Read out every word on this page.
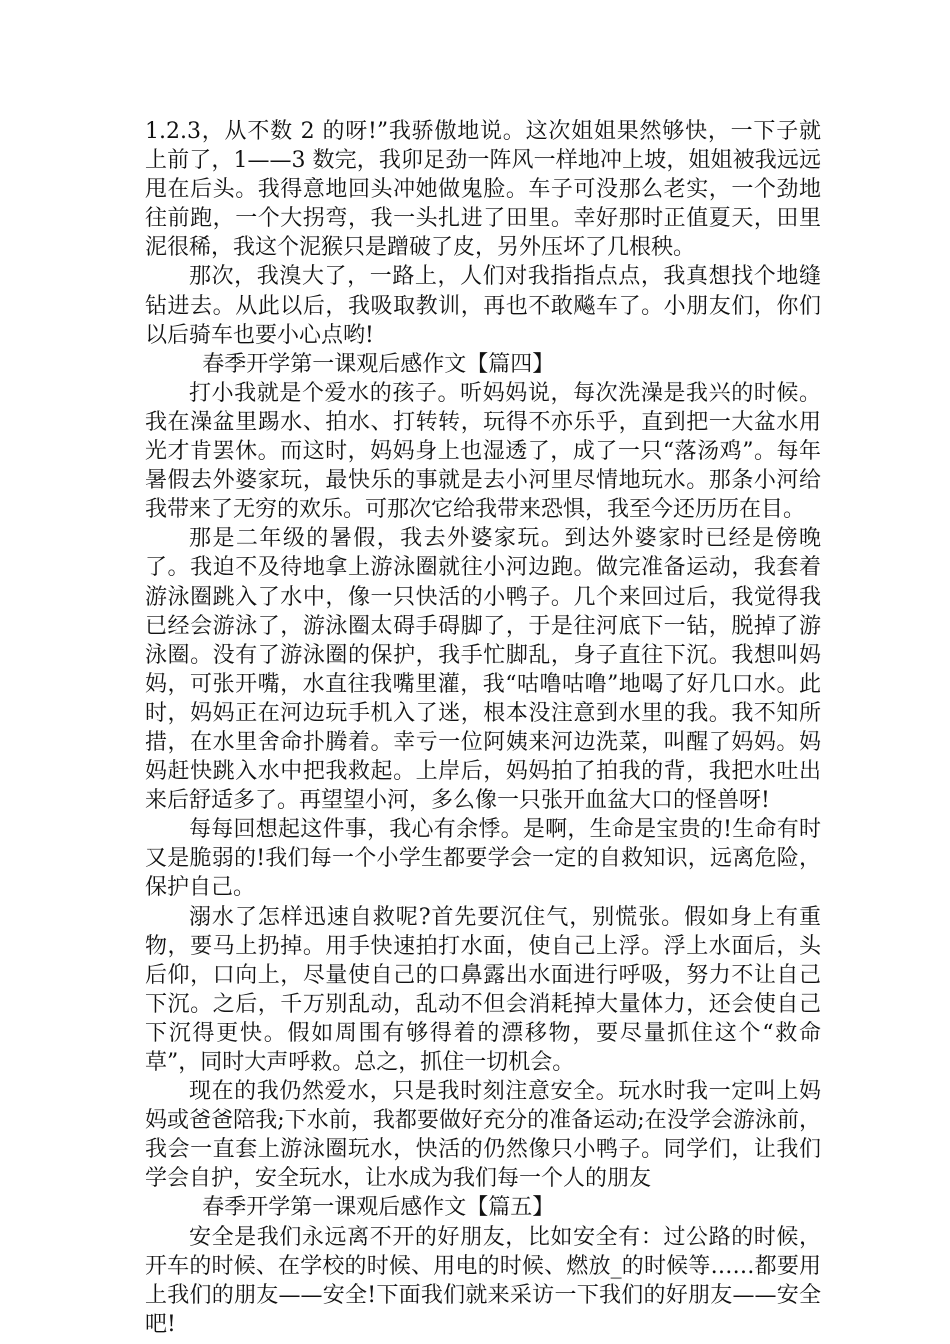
1.2.3，从不数 2 的呀!”我骄傲地说。这次姐姐果然够快，一下子就上前了，1——3 数完，我卯足劲一阵风一样地冲上坡，姐姐被我远远甩在后头。我得意地回头冲她做鬼脸。车子可没那么老实，一个劲地往前跑，一个大拐弯，我一头扎进了田里。幸好那时正值夏天，田里泥很稀，我这个泥猴只是蹭破了皮，另外压坏了几根秧。

那次，我溴大了，一路上，人们对我指指点点，我真想找个地缝钻进去。从此以后，我吸取教训，再也不敢飚车了。小朋友们，你们以后骑车也要小心点哟!

春季开学第一课观后感作文【篇四】

打小我就是个爱水的孩子。听妈妈说，每次洗澡是我兴的时候。我在澡盆里踢水、拍水、打转转，玩得不亦乐乎，直到把一大盆水用光才肯罢休。而这时，妈妈身上也湿透了，成了一只“落汤鸡”。每年暑假去外婆家玩，最快乐的事就是去小河里尽情地玩水。那条小河给我带来了无穷的欢乐。可那次它给我带来恐惧，我至今还历历在目。

那是二年级的暑假，我去外婆家玩。到达外婆家时已经是傍晚了。我迫不及待地拿上游泳圈就往小河边跑。做完准备运动，我套着游泳圈跳入了水中，像一只快活的小鸭子。几个来回过后，我觉得我已经会游泳了，游泳圈太碍手碍脚了，于是往河底下一钻，脱掉了游泳圈。没有了游泳圈的保护，我手忙脚乱，身子直往下沉。我想叫妈妈，可张开嘴，水直往我嘴里灌，我“咕噜咕噜”地喝了好几口水。此时，妈妈正在河边玩手机入了迷，根本没注意到水里的我。我不知所措，在水里舍命扑腾着。幸亏一位阿姨来河边洗菜，叫醒了妈妈。妈妈赶快跳入水中把我救起。上岸后，妈妈拍了拍我的背，我把水吐出来后舒适多了。再望望小河，多么像一只张开血盆大口的怪兽呀!

每每回想起这件事，我心有余悸。是啊，生命是宝贵的!生命有时又是脆弱的!我们每一个小学生都要学会一定的自救知识，远离危险，保护自己。

溺水了怎样迅速自救呢?首先要沉住气，别慌张。假如身上有重物，要马上扔掉。用手快速拍打水面，使自己上浮。浮上水面后，头后仰，口向上，尽量使自己的口鼻露出水面进行呼吸，努力不让自己下沉。之后，千万别乱动，乱动不但会消耗掉大量体力，还会使自己下沉得更快。假如周围有够得着的漂移物，要尽量抓住这个“救命草”，同时大声呼救。总之，抓住一切机会。

现在的我仍然爱水，只是我时刻注意安全。玩水时我一定叫上妈妈或爸爸陪我;下水前，我都要做好充分的准备运动;在没学会游泳前，我会一直套上游泳圈玩水，快活的仍然像只小鸭子。同学们，让我们学会自护，安全玩水，让水成为我们每一个人的朋友

春季开学第一课观后感作文【篇五】

安全是我们永远离不开的好朋友，比如安全有：过公路的时候，开车的时候、在学校的时候、用电的时候、燃放_的时候等……都要用上我们的朋友——安全!下面我们就来采访一下我们的好朋友——安全吧!
